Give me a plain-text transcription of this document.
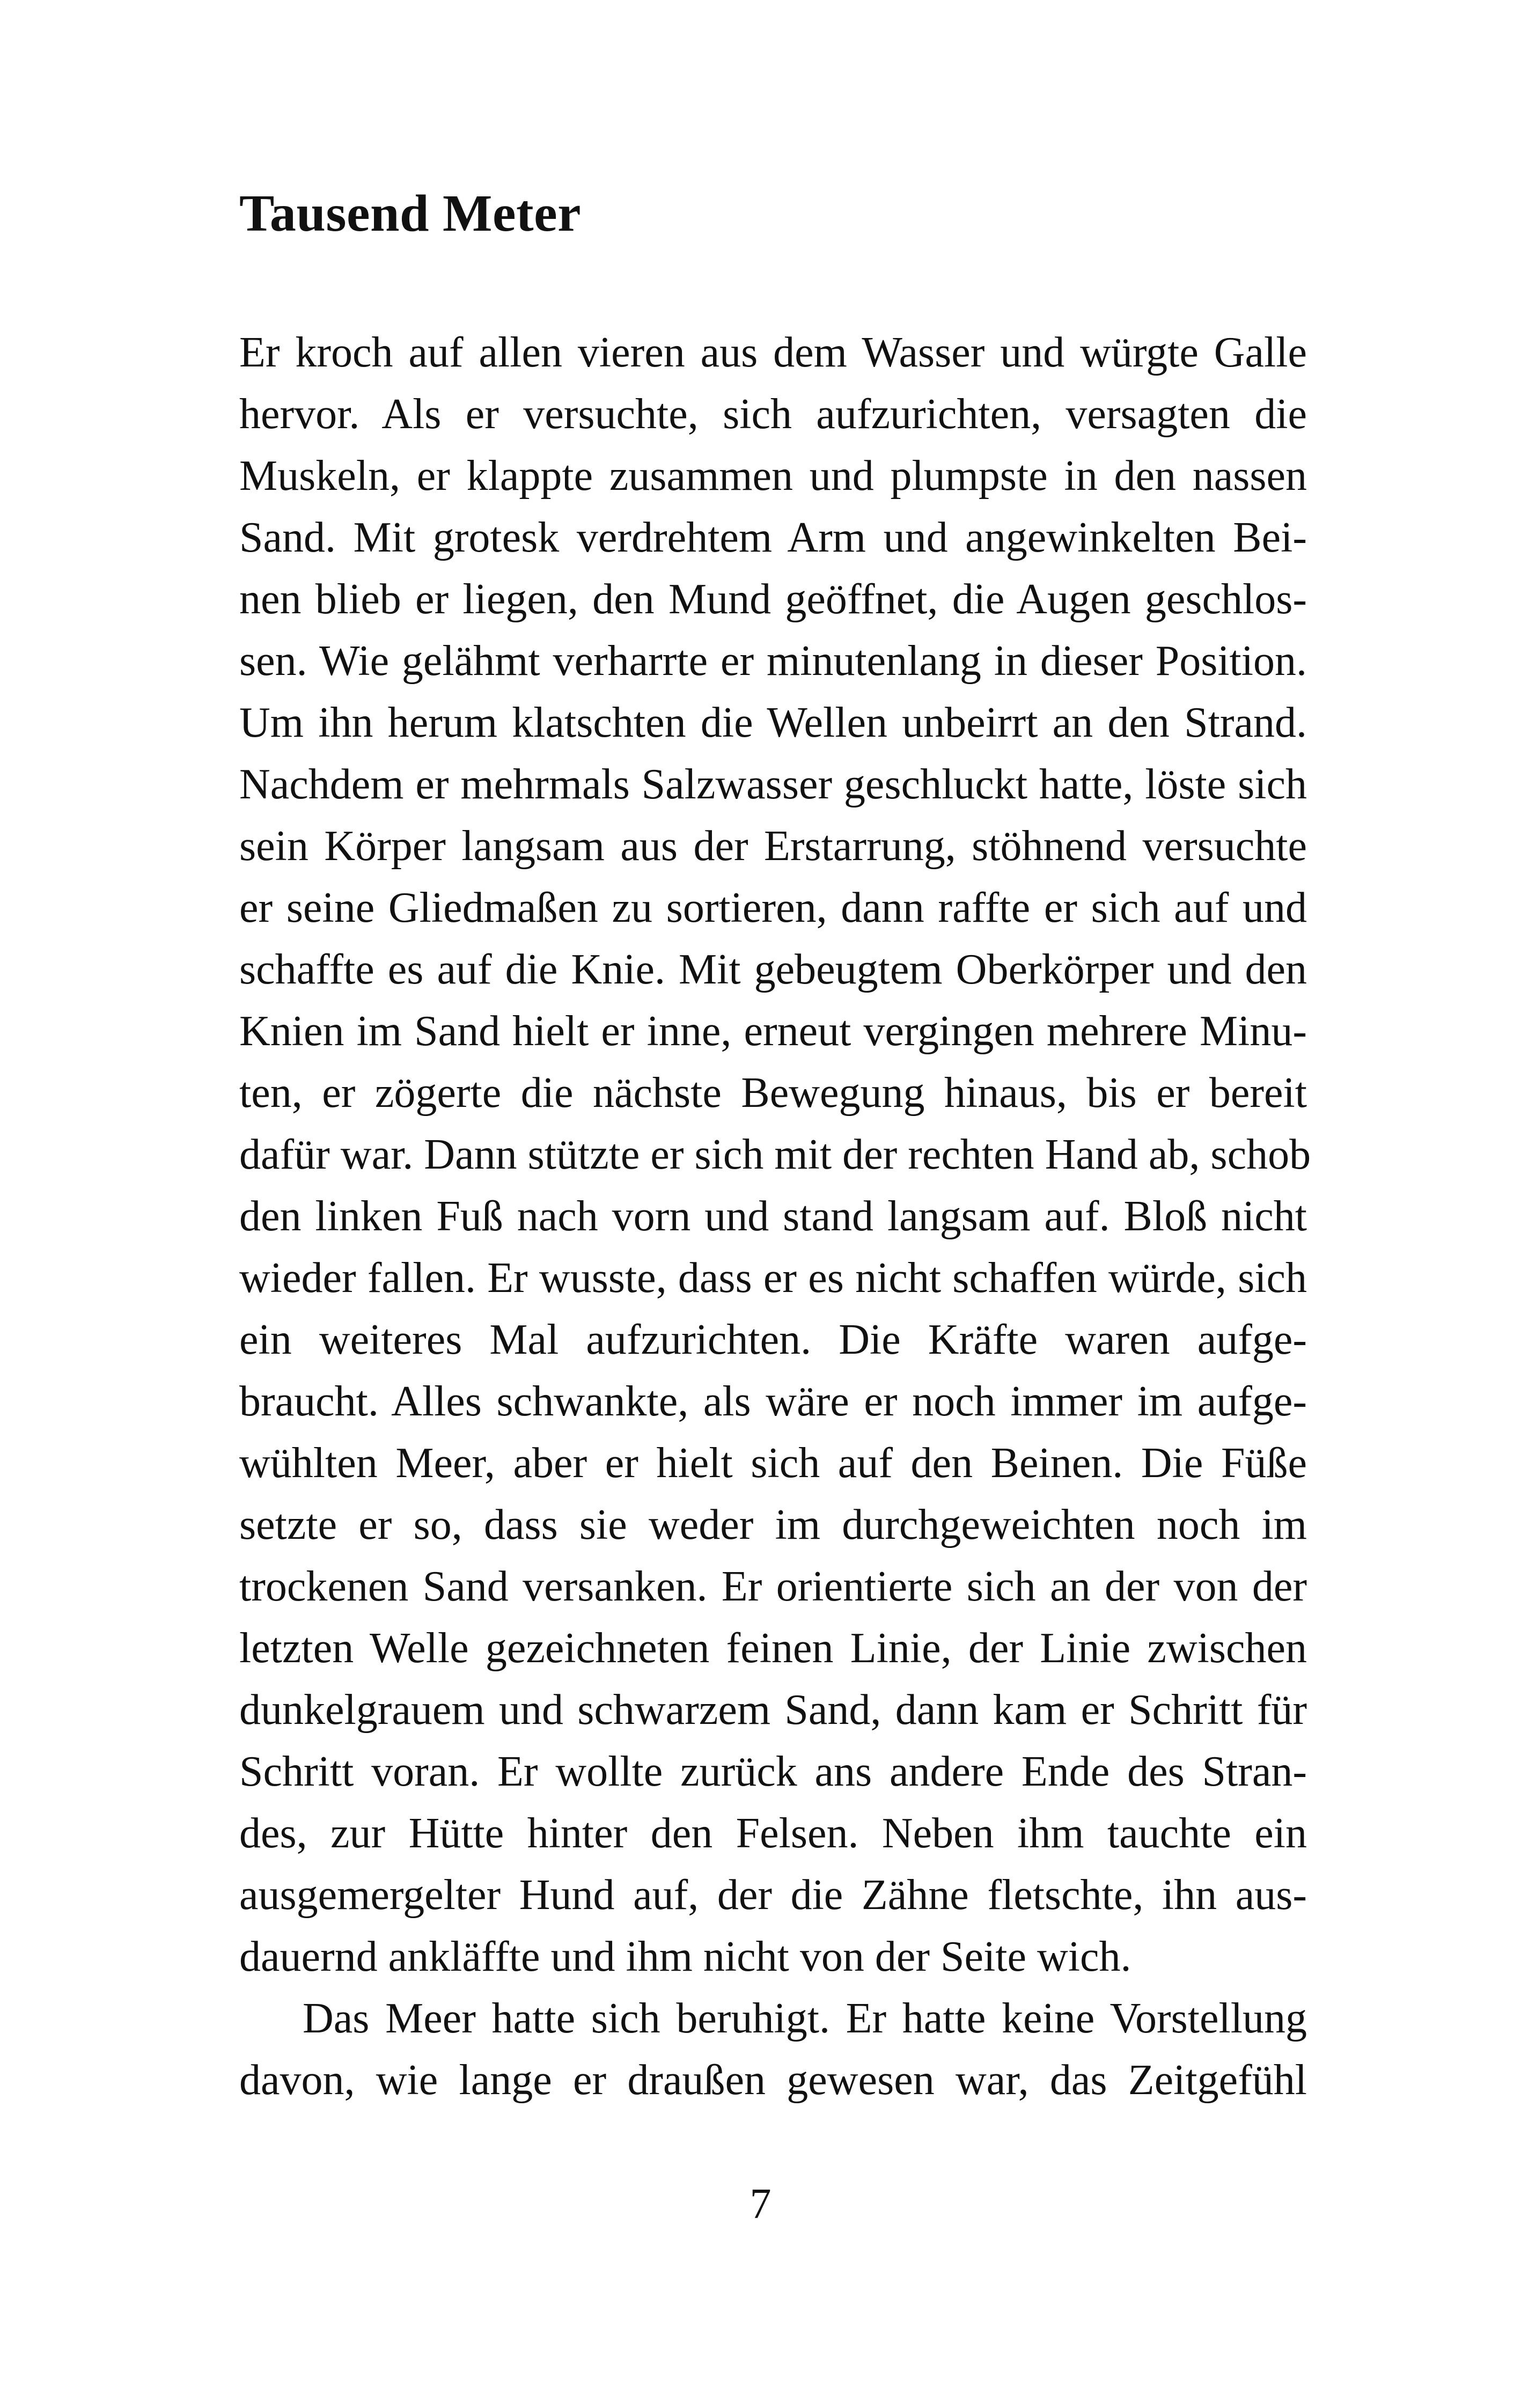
Tausend Meter
Er kroch auf allen vieren aus dem Wasser und würgte Galle
hervor. Als er versuchte, sich aufzurichten, versagten die
Muskeln, er klappte zusammen und plumpste in den nassen
Sand. Mit grotesk verdrehtem Arm und angewinkelten Bei-
nen blieb er liegen, den Mund geöffnet, die Augen geschlos-
sen. Wie gelähmt verharrte er minutenlang in dieser Position.
Um ihn herum klatschten die Wellen unbeirrt an den Strand.
Nachdem er mehrmals Salzwasser geschluckt hatte, löste sich
sein Körper langsam aus der Erstarrung, stöhnend versuchte
er seine Gliedmaßen zu sortieren, dann raffte er sich auf und
schaffte es auf die Knie. Mit gebeugtem Oberkörper und den
Knien im Sand hielt er inne, erneut vergingen mehrere Minu-
ten, er zögerte die nächste Bewegung hinaus, bis er bereit
dafür war. Dann stützte er sich mit der rechten Hand ab, schob
den linken Fuß nach vorn und stand langsam auf. Bloß nicht
wieder fallen. Er wusste, dass er es nicht schaffen würde, sich
ein weiteres Mal aufzurichten. Die Kräfte waren aufge-
braucht. Alles schwankte, als wäre er noch immer im aufge-
wühlten Meer, aber er hielt sich auf den Beinen. Die Füße
setzte er so, dass sie weder im durchgeweichten noch im
trockenen Sand versanken. Er orientierte sich an der von der
letzten Welle gezeichneten feinen Linie, der Linie zwischen
dunkelgrauem und schwarzem Sand, dann kam er Schritt für
Schritt voran. Er wollte zurück ans andere Ende des Stran-
des, zur Hütte hinter den Felsen. Neben ihm tauchte ein
ausgemergelter Hund auf, der die Zähne fletschte, ihn aus-
dauernd ankläffte und ihm nicht von der Seite wich.
Das Meer hatte sich beruhigt. Er hatte keine Vorstellung
davon, wie lange er draußen gewesen war, das Zeitgefühl
7
